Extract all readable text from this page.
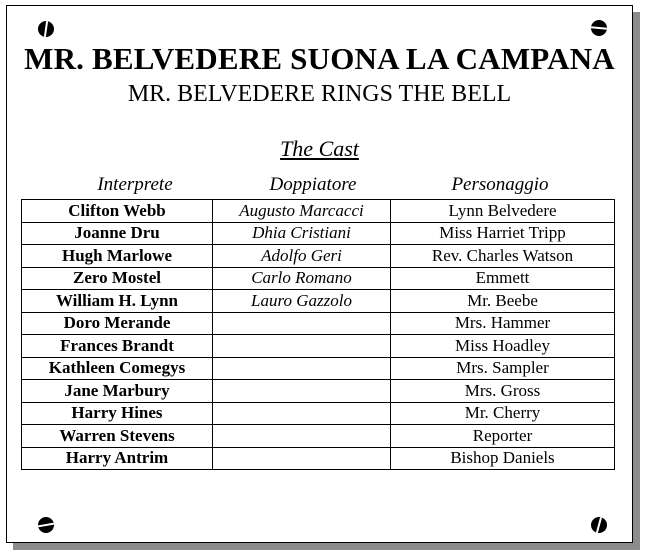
MR. BELVEDERE SUONA LA CAMPANA
MR. BELVEDERE RINGS THE BELL
The Cast
Interprete	Doppiatore	Personaggio
Clifton Webb	Augusto Marcacci	Lynn Belvedere
Joanne Dru	Dhia Cristiani	Miss Harriet Tripp
Hugh Marlowe	Adolfo Geri	Rev. Charles Watson
Zero Mostel	Carlo Romano	Emmett
William H. Lynn	Lauro Gazzolo	Mr. Beebe
Doro Merande		Mrs. Hammer
Frances Brandt		Miss Hoadley
Kathleen Comegys		Mrs. Sampler
Jane Marbury		Mrs. Gross
Harry Hines		Mr. Cherry
Warren Stevens		Reporter
Harry Antrim		Bishop Daniels
